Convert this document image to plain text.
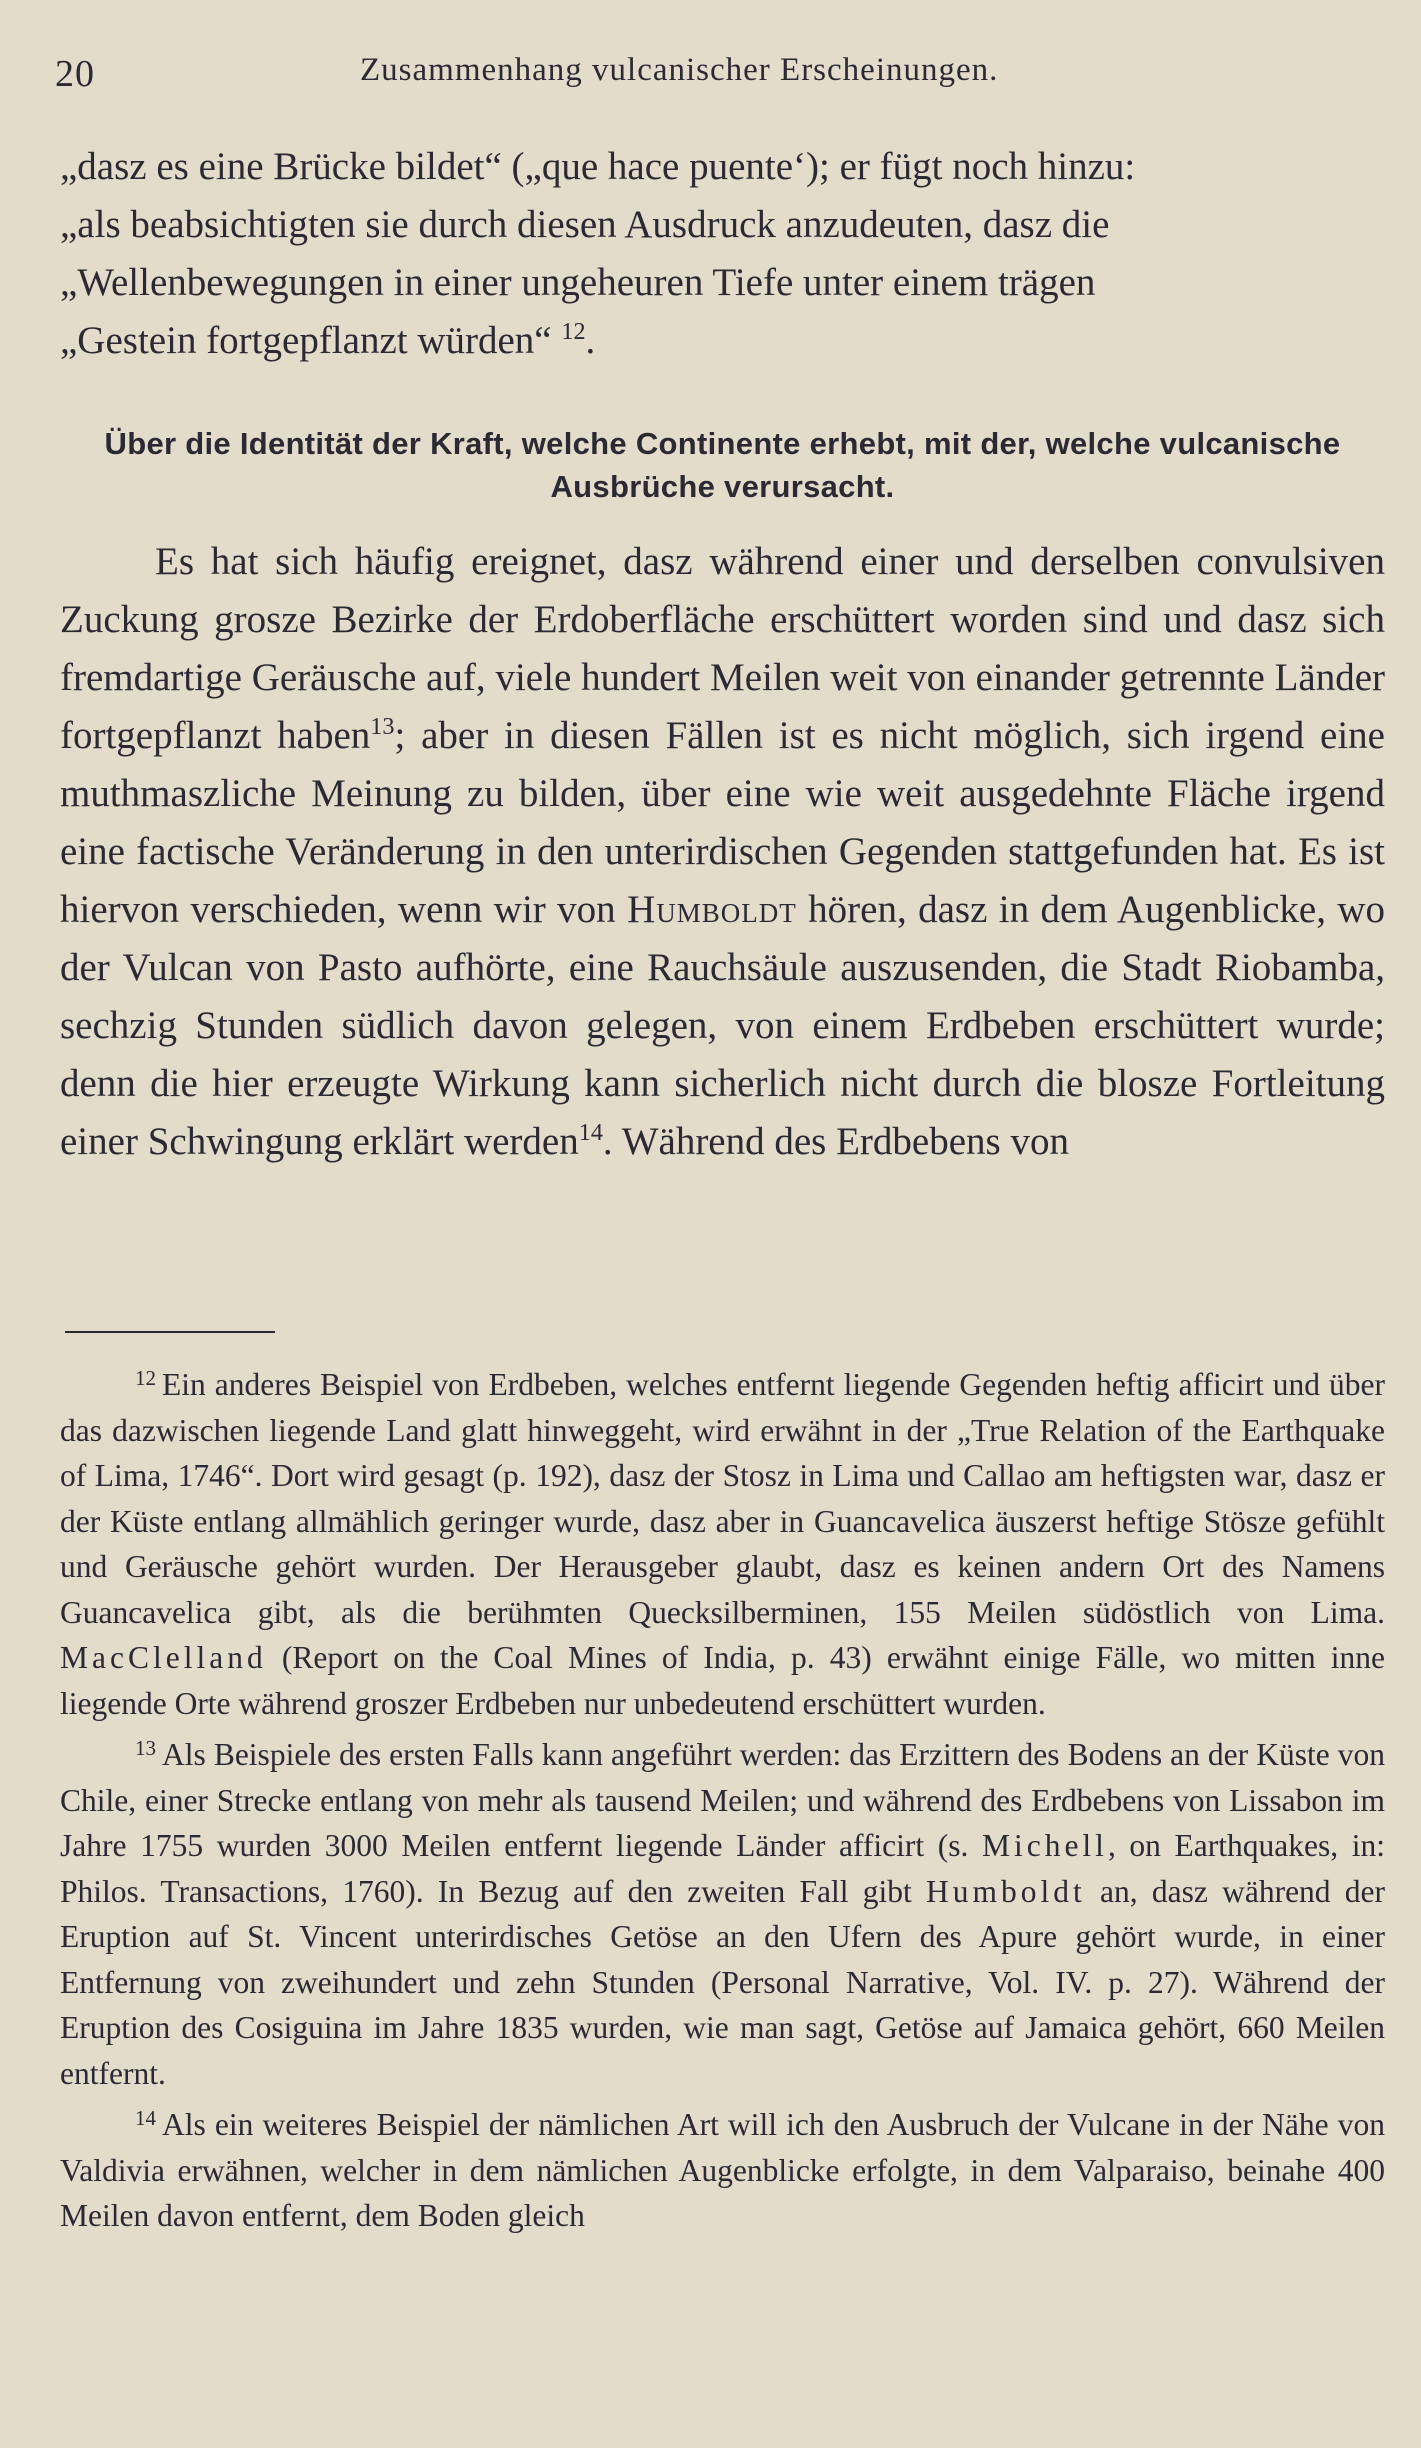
20	Zusammenhang vulcanischer Erscheinungen.
„dasz es eine Brücke bildet“ („que hace puente‘); er fügt noch hinzu:
„als beabsichtigten sie durch diesen Ausdruck anzudeuten, dasz die
„Wellenbewegungen in einer ungeheuren Tiefe unter einem trägen
„Gestein fortgepflanzt würden“ $^{12}$.
Über die Identität der Kraft, welche Continente erhebt, mit der, welche vulcanische
Ausbrüche verursacht.

Es hat sich häufig ereignet, dasz während einer und derselben convulsiven Zuckung grosze Bezirke der Erdoberfläche erschüttert worden sind und dasz sich fremdartige Geräusche auf, viele hundert Meilen weit von einander getrennte Länder fortgepflanzt haben$^{13}$; aber in diesen Fällen ist es nicht möglich, sich irgend eine muthmaszliche Meinung zu bilden, über eine wie weit ausgedehnte Fläche irgend eine factische Veränderung in den unterirdischen Gegenden stattgefunden hat. Es ist hiervon verschieden, wenn wir von Humboldt hören, dasz in dem Augenblicke, wo der Vulcan von Pasto aufhörte, eine Rauchsäule auszusenden, die Stadt Riobamba, sechzig Stunden südlich davon gelegen, von einem Erdbeben erschüttert wurde; denn die hier erzeugte Wirkung kann sicherlich nicht durch die blosze Fortleitung einer Schwingung erklärt werden$^{14}$. Während des Erdbebens von

$^{12}$ Ein anderes Beispiel von Erdbeben, welches entfernt liegende Gegenden heftig afficirt und über das dazwischen liegende Land glatt hinweggeht, wird erwähnt in der „True Relation of the Earthquake of Lima, 1746“. Dort wird gesagt (p. 192), dasz der Stosz in Lima und Callao am heftigsten war, dasz er der Küste entlang allmählich geringer wurde, dasz aber in Guancavelica äuszerst heftige Stösze gefühlt und Geräusche gehört wurden. Der Herausgeber glaubt, dasz es keinen andern Ort des Namens Guancavelica gibt, als die berühmten Quecksilberminen, 155 Meilen südöstlich von Lima. MacClelland (Report on the Coal Mines of India, p. 43) erwähnt einige Fälle, wo mitten inne liegende Orte während groszer Erdbeben nur unbedeutend erschüttert wurden.

$^{13}$ Als Beispiele des ersten Falls kann angeführt werden: das Erzittern des Bodens an der Küste von Chile, einer Strecke entlang von mehr als tausend Meilen; und während des Erdbebens von Lissabon im Jahre 1755 wurden 3000 Meilen entfernt liegende Länder afficirt (s. Michell, on Earthquakes, in: Philos. Transactions, 1760). In Bezug auf den zweiten Fall gibt Humboldt an, dasz während der Eruption auf St. Vincent unterirdisches Getöse an den Ufern des Apure gehört wurde, in einer Entfernung von zweihundert und zehn Stunden (Personal Narrative, Vol. IV. p. 27). Während der Eruption des Cosiguina im Jahre 1835 wurden, wie man sagt, Getöse auf Jamaica gehört, 660 Meilen entfernt.

$^{14}$ Als ein weiteres Beispiel der nämlichen Art will ich den Ausbruch der Vulcane in der Nähe von Valdivia erwähnen, welcher in dem nämlichen Augenblicke erfolgte, in dem Valparaiso, beinahe 400 Meilen davon entfernt, dem Boden gleich
